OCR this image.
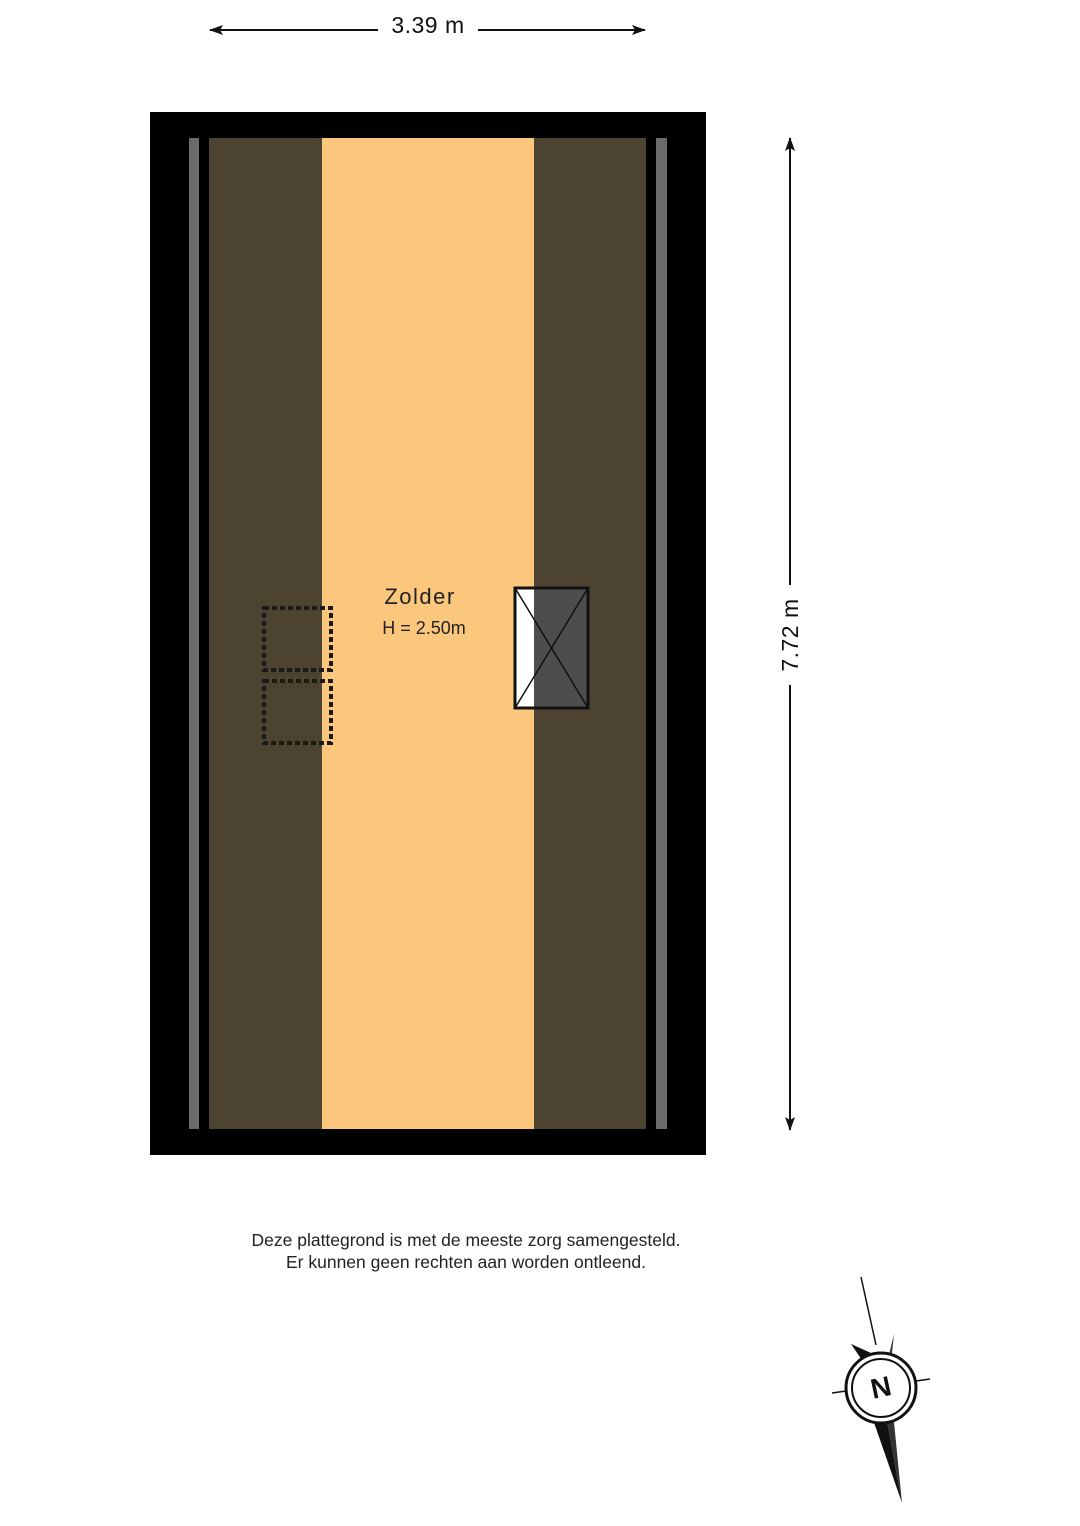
3.39 m
7.72 m
Zolder
H = 2.50m
N
Deze plattegrond is met de meeste zorg samengesteld.
Er kunnen geen rechten aan worden ontleend.
